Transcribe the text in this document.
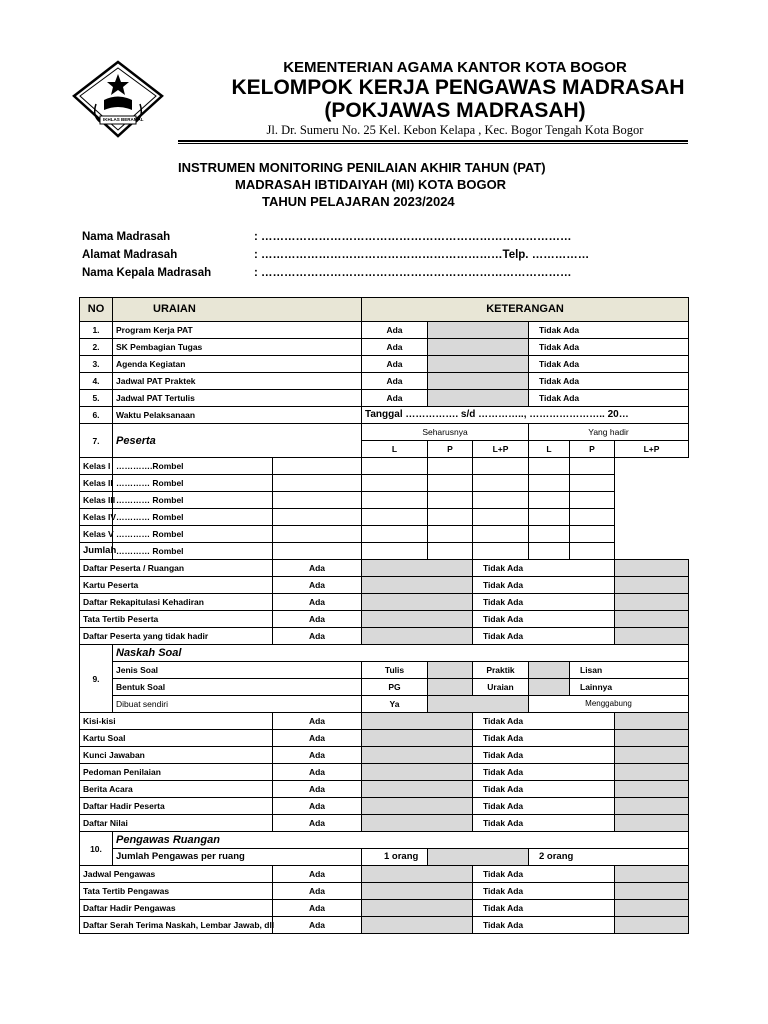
IKHLAS BERAMAL
KEMENTERIAN AGAMA KANTOR KOTA BOGOR
KELOMPOK KERJA PENGAWAS MADRASAH
(POKJAWAS MADRASAH)
Jl. Dr. Sumeru No. 25 Kel. Kebon Kelapa , Kec. Bogor Tengah Kota Bogor
INSTRUMEN MONITORING PENILAIAN AKHIR TAHUN (PAT)
MADRASAH IBTIDAIYAH (MI) KOTA BOGOR
TAHUN PELAJARAN 2023/2024
Nama Madrasah	: ………………………………………………………………………
Alamat Madrasah	: ………………………………………………………Telp. ……………
Nama Kepala Madrasah	: ………………………………………………………………………
NO	URAIAN		KETERANGAN						
1.	Program Kerja PAT		Ada			Tidak Ada			
2.	SK Pembagian Tugas		Ada			Tidak Ada			
3.	Agenda Kegiatan		Ada			Tidak Ada			
4.	Jadwal PAT Praktek		Ada			Tidak Ada			
5.	Jadwal PAT Tertulis		Ada			Tidak Ada			
6.	Waktu Pelaksanaan		Tanggal ……………. s/d ………….., ………………….. 20…						
7.	Peserta		Seharusnya			Yang hadir			
			L	P	L+P	L	P	L+P	
Kelas I	………….Rombel								
Kelas II	………… Rombel								
Kelas III	………… Rombel								
Kelas IV	………… Rombel								
Kelas V	………… Rombel								
Jumlah	………… Rombel								
Daftar Peserta / Ruangan		Ada			Tidak Ada				
Kartu Peserta		Ada			Tidak Ada				
Daftar Rekapitulasi Kehadiran		Ada			Tidak Ada				
Tata Tertib Peserta		Ada			Tidak Ada				
Daftar Peserta yang tidak hadir		Ada			Tidak Ada				
9.	Naskah Soal								
	Jenis Soal		Tulis		Praktik		Lisan		
	Bentuk Soal		PG		Uraian		Lainnya		
	Dibuat sendiri		Ya			Menggabung			
Kisi-kisi		Ada			Tidak Ada				
Kartu Soal		Ada			Tidak Ada				
Kunci Jawaban		Ada			Tidak Ada				
Pedoman Penilaian		Ada			Tidak Ada				
Berita Acara		Ada			Tidak Ada				
Daftar Hadir Peserta		Ada			Tidak Ada				
Daftar Nilai		Ada			Tidak Ada				
10.	Pengawas Ruangan								
	Jumlah Pengawas per ruang		1 orang			2 orang			
Jadwal Pengawas		Ada			Tidak Ada				
Tata Tertib Pengawas		Ada			Tidak Ada				
Daftar Hadir Pengawas		Ada			Tidak Ada				
Daftar Serah Terima Naskah, Lembar Jawab, dll		Ada			Tidak Ada				
